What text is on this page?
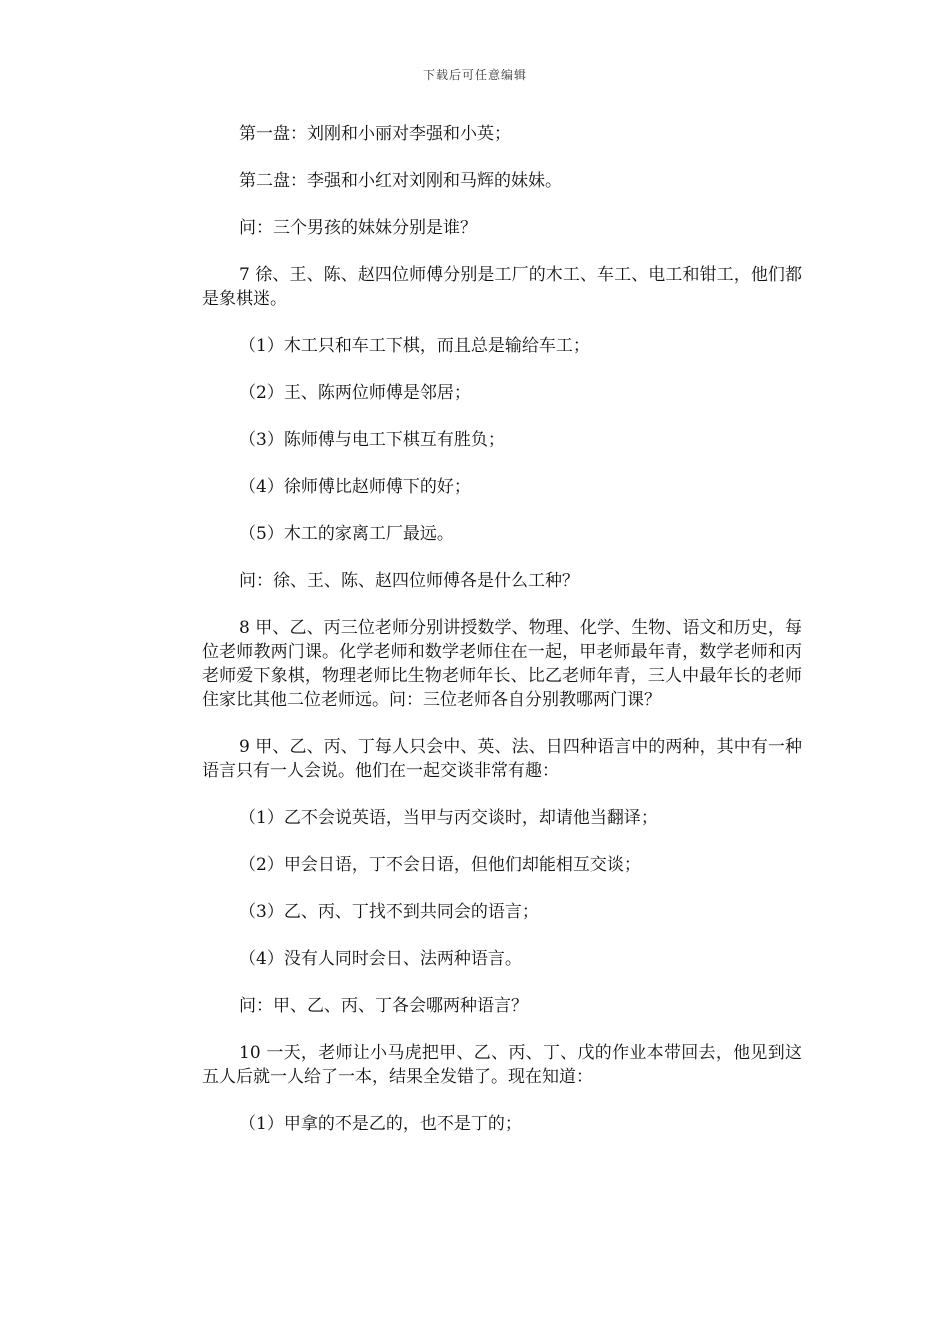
下载后可任意编辑

第一盘：刘刚和小丽对李强和小英；

第二盘：李强和小红对刘刚和马辉的妹妹。

问：三个男孩的妹妹分别是谁？

7 徐、王、陈、赵四位师傅分别是工厂的木工、车工、电工和钳工，他们都是象棋迷。

（1）木工只和车工下棋，而且总是输给车工；

（2）王、陈两位师傅是邻居；

（3）陈师傅与电工下棋互有胜负；

（4）徐师傅比赵师傅下的好；

（5）木工的家离工厂最远。

问：徐、王、陈、赵四位师傅各是什么工种？

8 甲、乙、丙三位老师分别讲授数学、物理、化学、生物、语文和历史，每位老师教两门课。化学老师和数学老师住在一起，甲老师最年青，数学老师和丙老师爱下象棋，物理老师比生物老师年长、比乙老师年青，三人中最年长的老师住家比其他二位老师远。问：三位老师各自分别教哪两门课？

9 甲、乙、丙、丁每人只会中、英、法、日四种语言中的两种，其中有一种语言只有一人会说。他们在一起交谈非常有趣：

（1）乙不会说英语，当甲与丙交谈时，却请他当翻译；

（2）甲会日语，丁不会日语，但他们却能相互交谈；

（3）乙、丙、丁找不到共同会的语言；

（4）没有人同时会日、法两种语言。

问：甲、乙、丙、丁各会哪两种语言？

10 一天，老师让小马虎把甲、乙、丙、丁、戊的作业本带回去，他见到这五人后就一人给了一本，结果全发错了。现在知道：

（1）甲拿的不是乙的，也不是丁的；
